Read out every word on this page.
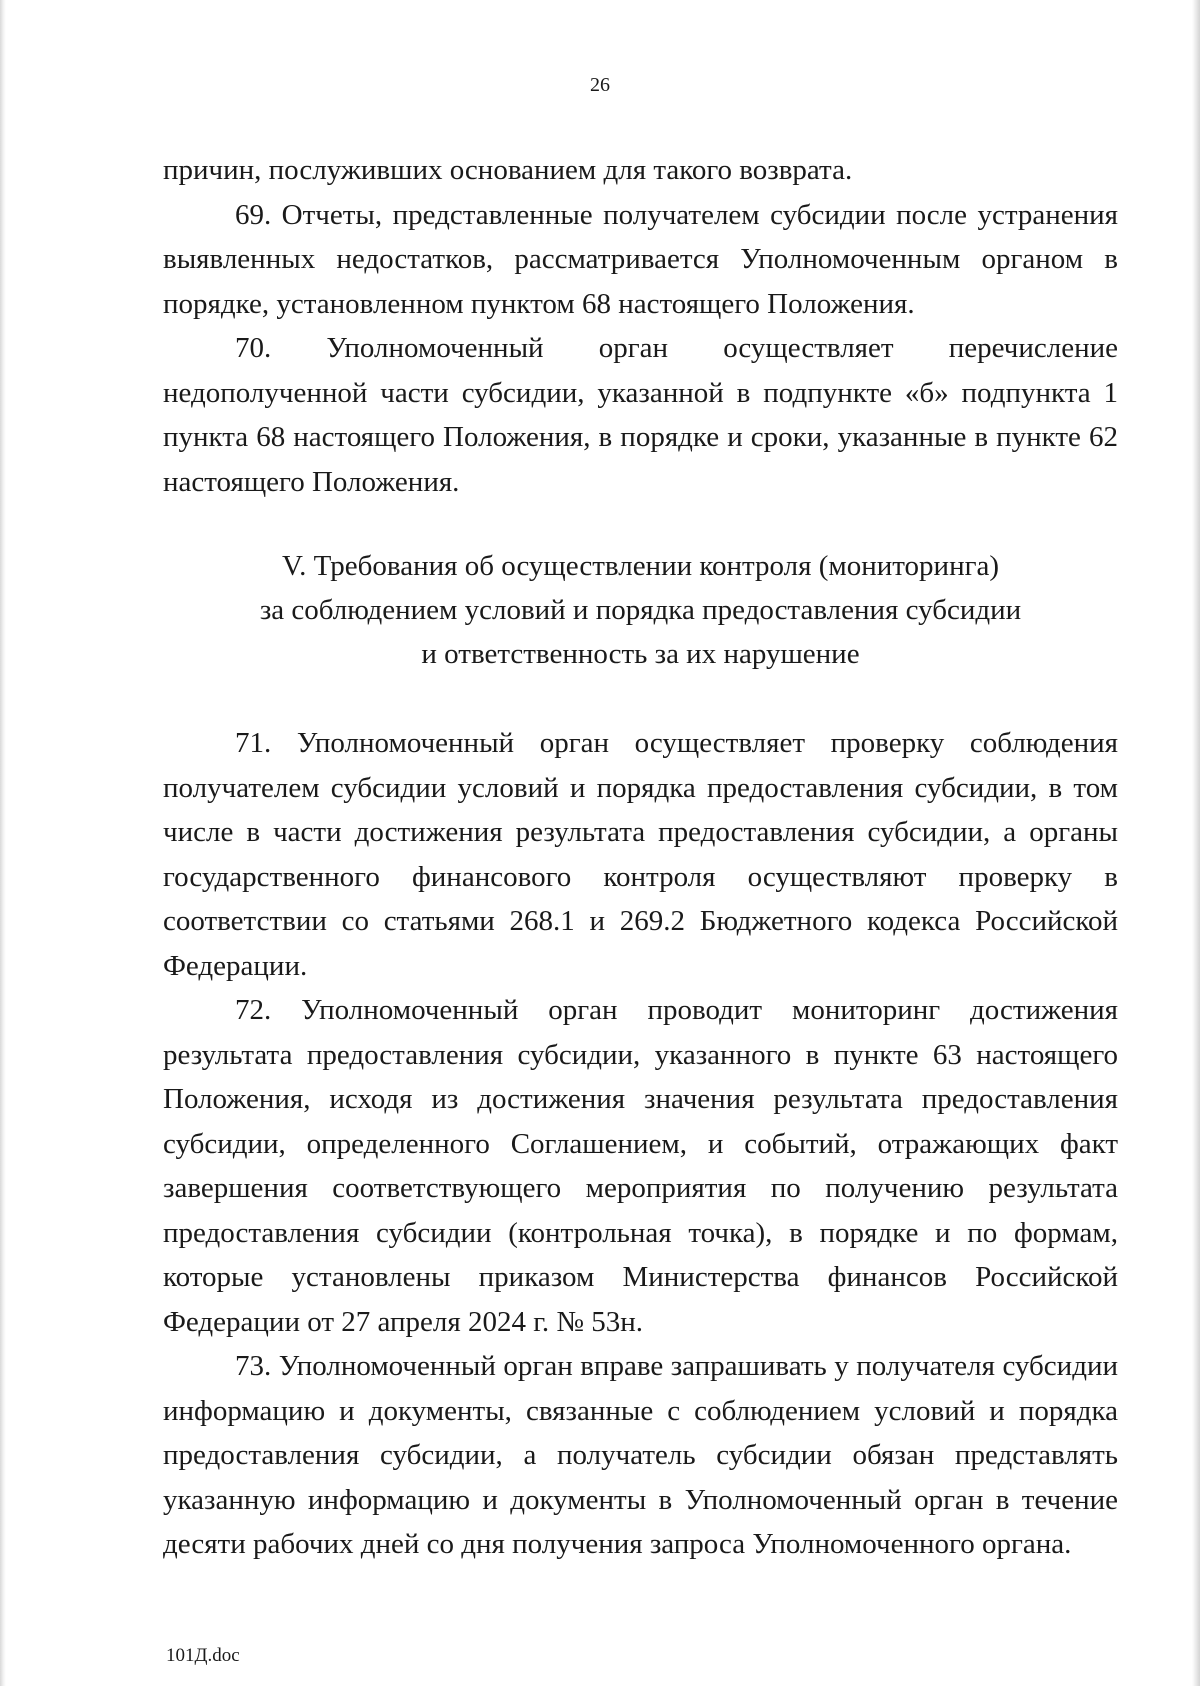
26

причин, послуживших основанием для такого возврата.

69. Отчеты, представленные получателем субсидии после устранения выявленных недостатков, рассматривается Уполномоченным органом в порядке, установленном пунктом 68 настоящего Положения.

70. Уполномоченный орган осуществляет перечисление недополученной части субсидии, указанной в подпункте «б» подпункта 1 пункта 68 настоящего Положения, в порядке и сроки, указанные в пункте 62 настоящего Положения.

V. Требования об осуществлении контроля (мониторинга)
за соблюдением условий и порядка предоставления субсидии
и ответственность за их нарушение

71. Уполномоченный орган осуществляет проверку соблюдения получателем субсидии условий и порядка предоставления субсидии, в том числе в части достижения результата предоставления субсидии, а органы государственного финансового контроля осуществляют проверку в соответствии со статьями 268.1 и 269.2 Бюджетного кодекса Российской Федерации.

72. Уполномоченный орган проводит мониторинг достижения результата предоставления субсидии, указанного в пункте 63 настоящего Положения, исходя из достижения значения результата предоставления субсидии, определенного Соглашением, и событий, отражающих факт завершения соответствующего мероприятия по получению результата предоставления субсидии (контрольная точка), в порядке и по формам, которые установлены приказом Министерства финансов Российской Федерации от 27 апреля 2024 г. № 53н.

73. Уполномоченный орган вправе запрашивать у получателя субсидии информацию и документы, связанные с соблюдением условий и порядка предоставления субсидии, а получатель субсидии обязан представлять указанную информацию и документы в Уполномоченный орган в течение десяти рабочих дней со дня получения запроса Уполномоченного органа.

101Д.doc
